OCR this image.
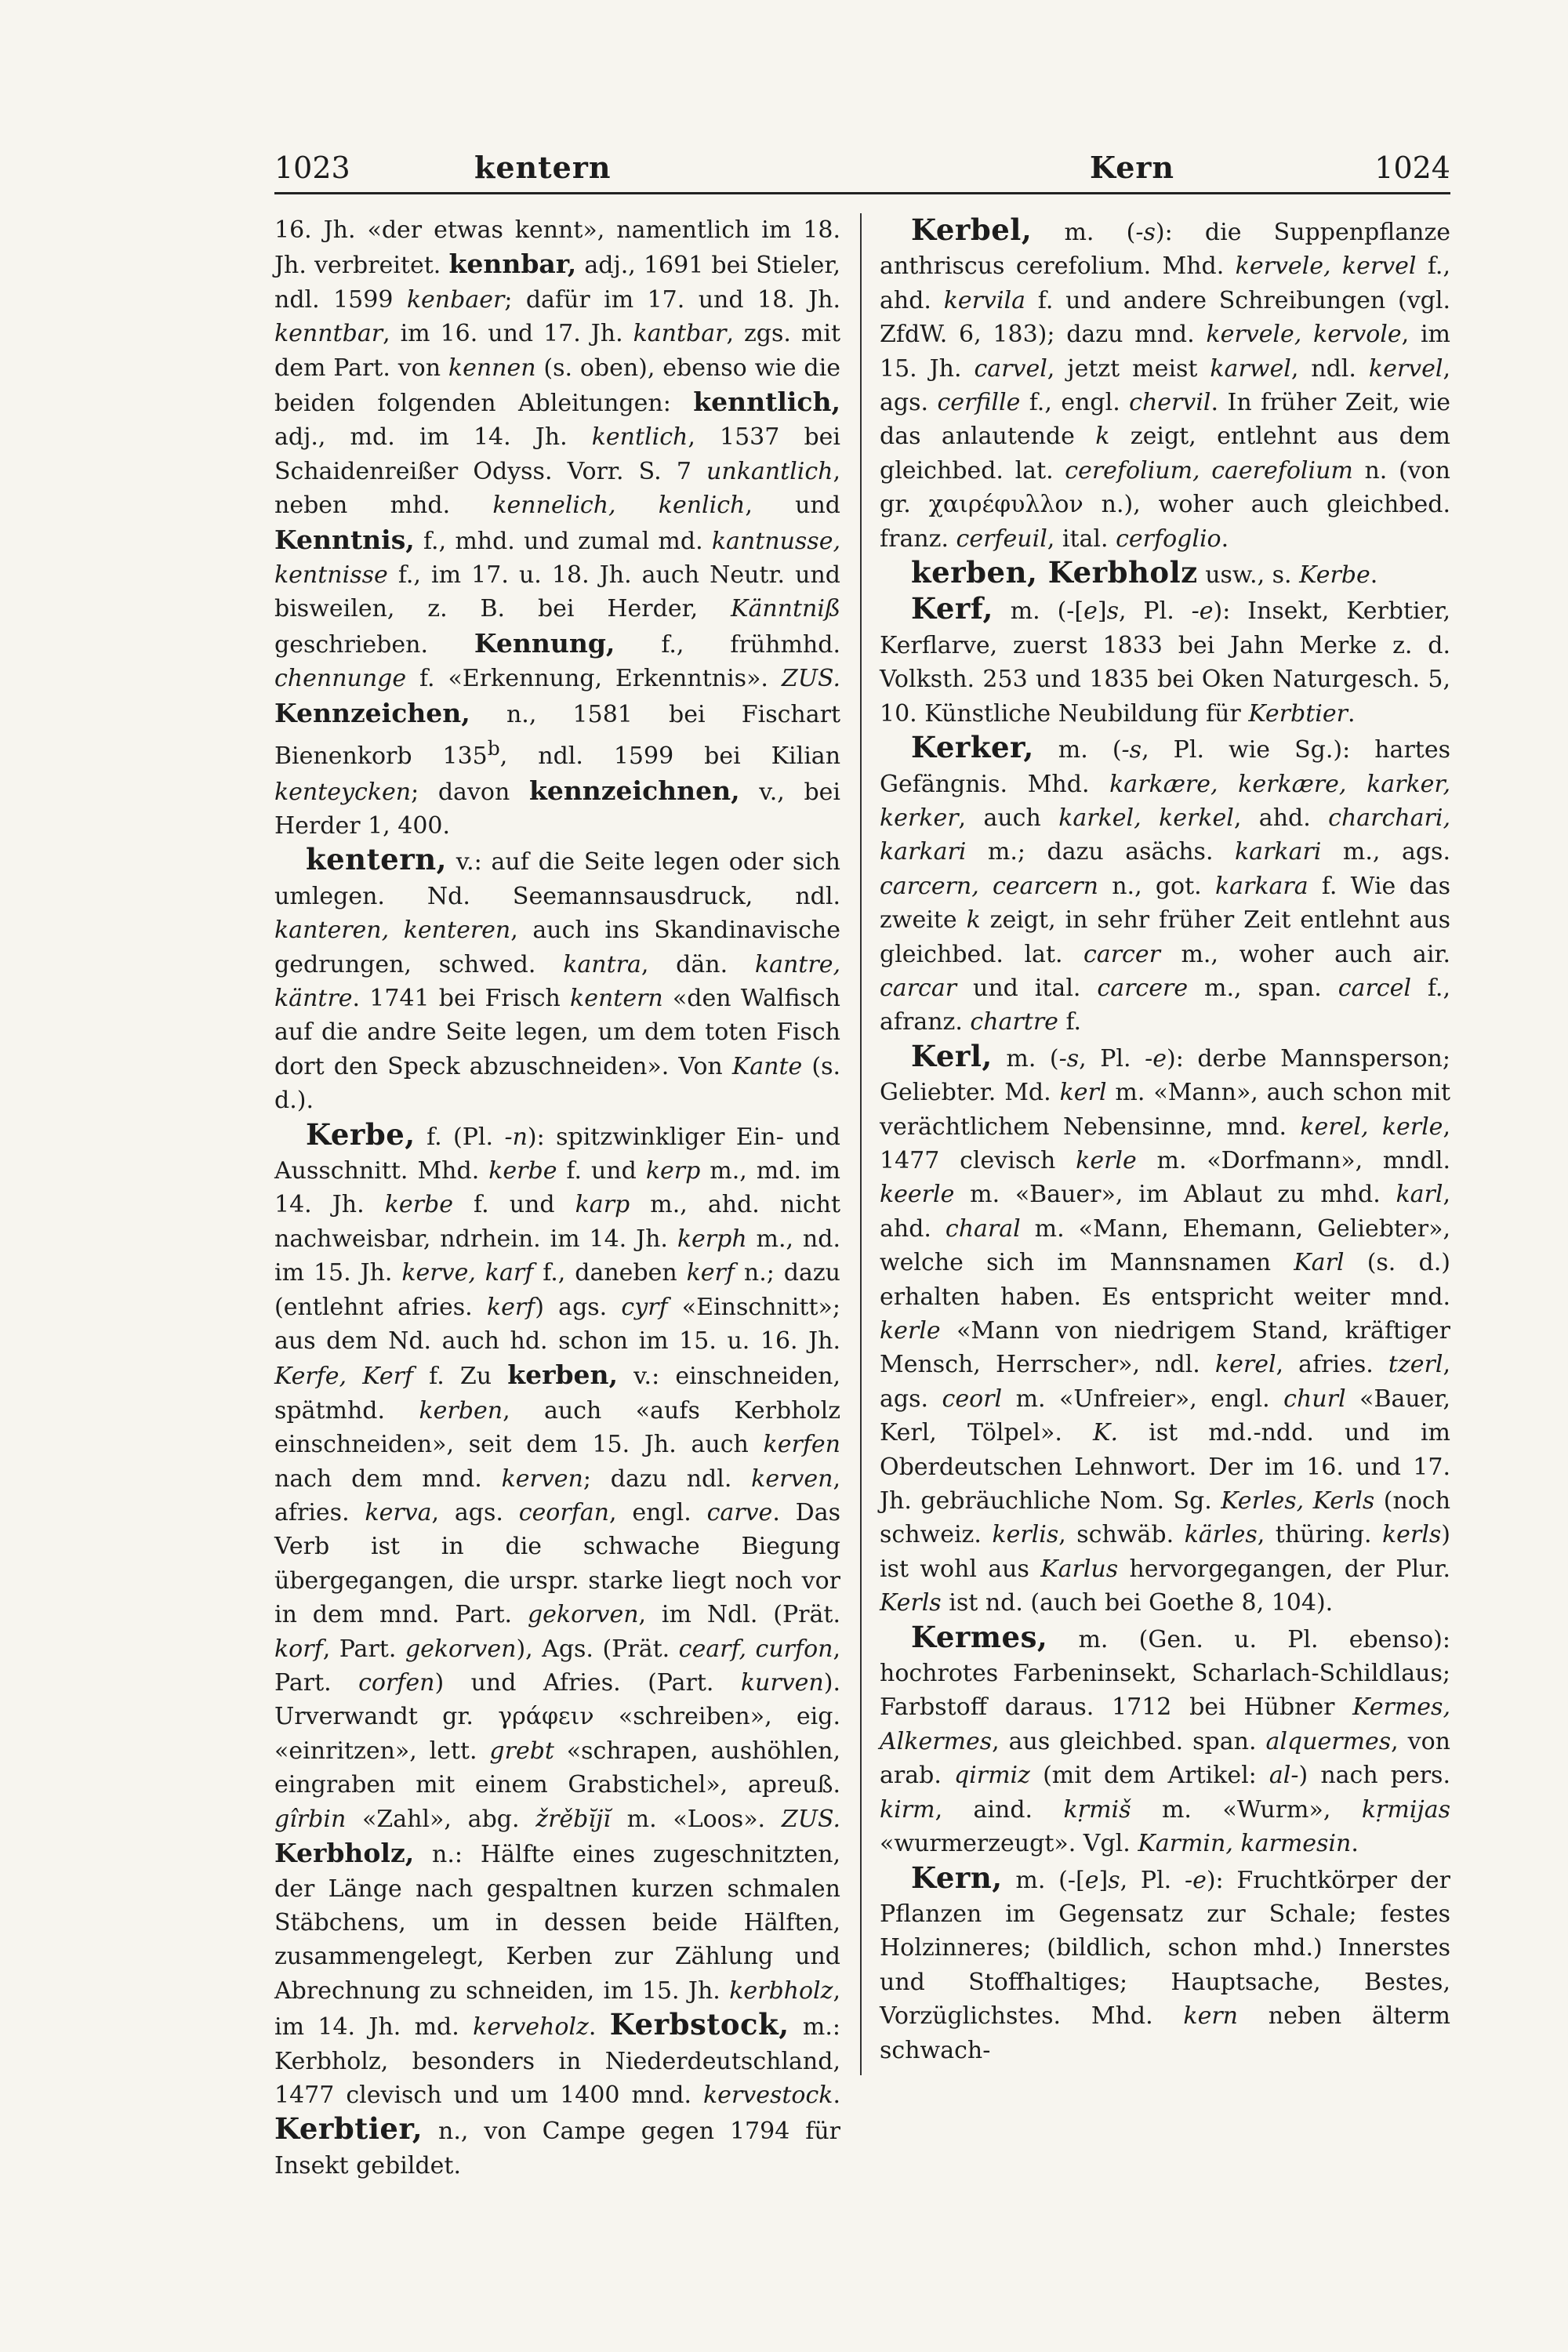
1023	kentern	Kern	1024

16. Jh. «der etwas kennt», namentlich im 18. Jh. verbreitet. kennbar, adj., 1691 bei Stieler, ndl. 1599 kenbaer; dafür im 17. und 18. Jh. kenntbar, im 16. und 17. Jh. kantbar, zgs. mit dem Part. von kennen (s. oben), ebenso wie die beiden folgenden Ableitungen: kenntlich, adj., md. im 14. Jh. kentlich, 1537 bei Schaidenreißer Odyss. Vorr. S. 7 unkantlich, neben mhd. kennelich, kenlich, und Kenntnis, f., mhd. und zumal md. kantnusse, kentnisse f., im 17. u. 18. Jh. auch Neutr. und bisweilen, z. B. bei Herder, Känntniß geschrieben. Kennung, f., frühmhd. chennunge f. «Erkennung, Erkenntnis». ZUS. Kennzeichen, n., 1581 bei Fischart Bienenkorb 135$^b$, ndl. 1599 bei Kilian kenteycken; davon kennzeichnen, v., bei Herder 1, 400.

kentern, v.: auf die Seite legen oder sich umlegen. Nd. Seemannsausdruck, ndl. kanteren, kenteren, auch ins Skandinavische gedrungen, schwed. kantra, dän. kantre, käntre. 1741 bei Frisch kentern «den Walfisch auf die andre Seite legen, um dem toten Fisch dort den Speck abzuschneiden». Von Kante (s. d.).

Kerbe, f. (Pl. -n): spitzwinkliger Ein- und Ausschnitt. Mhd. kerbe f. und kerp m., md. im 14. Jh. kerbe f. und karp m., ahd. nicht nachweisbar, ndrhein. im 14. Jh. kerph m., nd. im 15. Jh. kerve, karf f., daneben kerf n.; dazu (entlehnt afries. kerf) ags. cyrf «Einschnitt»; aus dem Nd. auch hd. schon im 15. u. 16. Jh. Kerfe, Kerf f. Zu kerben, v.: einschneiden, spätmhd. kerben, auch «aufs Kerbholz einschneiden», seit dem 15. Jh. auch kerfen nach dem mnd. kerven; dazu ndl. kerven, afries. kerva, ags. ceorfan, engl. carve. Das Verb ist in die schwache Biegung übergegangen, die urspr. starke liegt noch vor in dem mnd. Part. gekorven, im Ndl. (Prät. korf, Part. gekorven), Ags. (Prät. cearf, curfon, Part. corfen) und Afries. (Part. kurven). Urverwandt gr. γράφειν «schreiben», eig. «einritzen», lett. grebt «schrapen, aushöhlen, eingraben mit einem Grabstichel», apreuß. gîrbin «Zahl», abg. žrěbĭjĭ m. «Loos». ZUS. Kerbholz, n.: Hälfte eines zugeschnitzten, der Länge nach gespaltnen kurzen schmalen Stäbchens, um in dessen beide Hälften, zusammengelegt, Kerben zur Zählung und Abrechnung zu schneiden, im 15. Jh. kerbholz, im 14. Jh. md. kerveholz. Kerbstock, m.: Kerbholz, besonders in Niederdeutschland, 1477 clevisch und um 1400 mnd. kervestock. Kerbtier, n., von Campe gegen 1794 für Insekt gebildet.

Kerbel, m. (-s): die Suppenpflanze anthriscus cerefolium. Mhd. kervele, kervel f., ahd. kervila f. und andere Schreibungen (vgl. ZfdW. 6, 183); dazu mnd. kervele, kervole, im 15. Jh. carvel, jetzt meist karwel, ndl. kervel, ags. cerfille f., engl. chervil. In früher Zeit, wie das anlautende k zeigt, entlehnt aus dem gleichbed. lat. cerefolium, caerefolium n. (von gr. χαιρέφυλλον n.), woher auch gleichbed. franz. cerfeuil, ital. cerfoglio.

kerben, Kerbholz usw., s. Kerbe.

Kerf, m. (-[e]s, Pl. -e): Insekt, Kerbtier, Kerflarve, zuerst 1833 bei Jahn Merke z. d. Volksth. 253 und 1835 bei Oken Naturgesch. 5, 10. Künstliche Neubildung für Kerbtier.

Kerker, m. (-s, Pl. wie Sg.): hartes Gefängnis. Mhd. karkære, kerkære, karker, kerker, auch karkel, kerkel, ahd. charchari, karkari m.; dazu asächs. karkari m., ags. carcern, cearcern n., got. karkara f. Wie das zweite k zeigt, in sehr früher Zeit entlehnt aus gleichbed. lat. carcer m., woher auch air. carcar und ital. carcere m., span. carcel f., afranz. chartre f.

Kerl, m. (-s, Pl. -e): derbe Mannsperson; Geliebter. Md. kerl m. «Mann», auch schon mit verächtlichem Nebensinne, mnd. kerel, kerle, 1477 clevisch kerle m. «Dorfmann», mndl. keerle m. «Bauer», im Ablaut zu mhd. karl, ahd. charal m. «Mann, Ehemann, Geliebter», welche sich im Mannsnamen Karl (s. d.) erhalten haben. Es entspricht weiter mnd. kerle «Mann von niedrigem Stand, kräftiger Mensch, Herrscher», ndl. kerel, afries. tzerl, ags. ceorl m. «Unfreier», engl. churl «Bauer, Kerl, Tölpel». K. ist md.-ndd. und im Oberdeutschen Lehnwort. Der im 16. und 17. Jh. gebräuchliche Nom. Sg. Kerles, Kerls (noch schweiz. kerlis, schwäb. kärles, thüring. kerls) ist wohl aus Karlus hervorgegangen, der Plur. Kerls ist nd. (auch bei Goethe 8, 104).

Kermes, m. (Gen. u. Pl. ebenso): hochrotes Farbeninsekt, Scharlach-Schildlaus; Farbstoff daraus. 1712 bei Hübner Kermes, Alkermes, aus gleichbed. span. alquermes, von arab. qirmiz (mit dem Artikel: al-) nach pers. kirm, aind. kṛmiš m. «Wurm», kṛmijas «wurmerzeugt». Vgl. Karmin, karmesin.

Kern, m. (-[e]s, Pl. -e): Fruchtkörper der Pflanzen im Gegensatz zur Schale; festes Holzinneres; (bildlich, schon mhd.) Innerstes und Stoffhaltiges; Hauptsache, Bestes, Vorzüglichstes. Mhd. kern neben älterm schwach-
